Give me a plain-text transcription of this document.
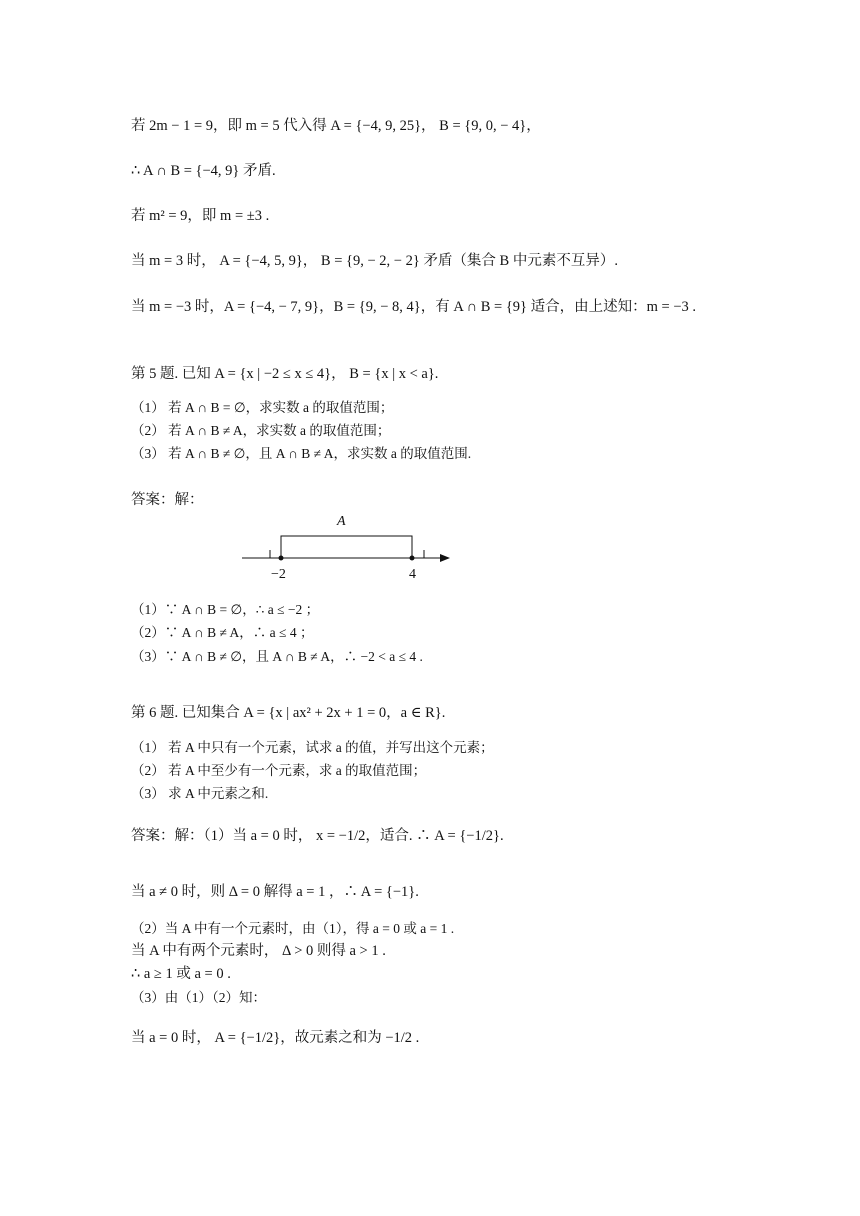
若 2m − 1 = 9，即 m = 5 代入得 A = {−4, 9, 25}， B = {9, 0, − 4}，
∴ A ∩ B = {−4, 9} 矛盾.
若 m² = 9，即 m = ±3 .
当 m = 3 时， A = {−4, 5, 9}， B = {9, − 2, − 2} 矛盾（集合 B 中元素不互异）.
当 m = −3 时，A = {−4, − 7, 9}，B = {9, − 8, 4}，有 A ∩ B = {9} 适合，由上述知：m = −3 .
第 5 题. 已知 A = {x | −2 ≤ x ≤ 4}， B = {x | x < a}.
（1） 若 A ∩ B = ∅，求实数 a 的取值范围；
（2） 若 A ∩ B ≠ A，求实数 a 的取值范围；
（3） 若 A ∩ B ≠ ∅，且 A ∩ B ≠ A，求实数 a 的取值范围.
答案：解：
A
−2	4
（1）∵ A ∩ B = ∅，∴ a ≤ −2 ；
（2）∵ A ∩ B ≠ A，∴ a ≤ 4 ；
（3）∵ A ∩ B ≠ ∅，且 A ∩ B ≠ A，∴ −2 < a ≤ 4 .
第 6 题. 已知集合 A = {x | ax² + 2x + 1 = 0，a ∈ R}.
（1） 若 A 中只有一个元素，试求 a 的值，并写出这个元素；
（2） 若 A 中至少有一个元素，求 a 的取值范围；
（3） 求 A 中元素之和.
答案：解：（1）当 a = 0 时， x = −1/2，适合. ∴ A = {−1/2}.
当 a ≠ 0 时，则 Δ = 0 解得 a = 1 ，∴ A = {−1}.
（2）当 A 中有一个元素时，由（1），得 a = 0 或 a = 1 .
当 A 中有两个元素时， Δ > 0 则得 a > 1 .
∴ a ≥ 1 或 a = 0 .
（3）由（1）（2）知：
当 a = 0 时， A = {−1/2}，故元素之和为 −1/2 .
